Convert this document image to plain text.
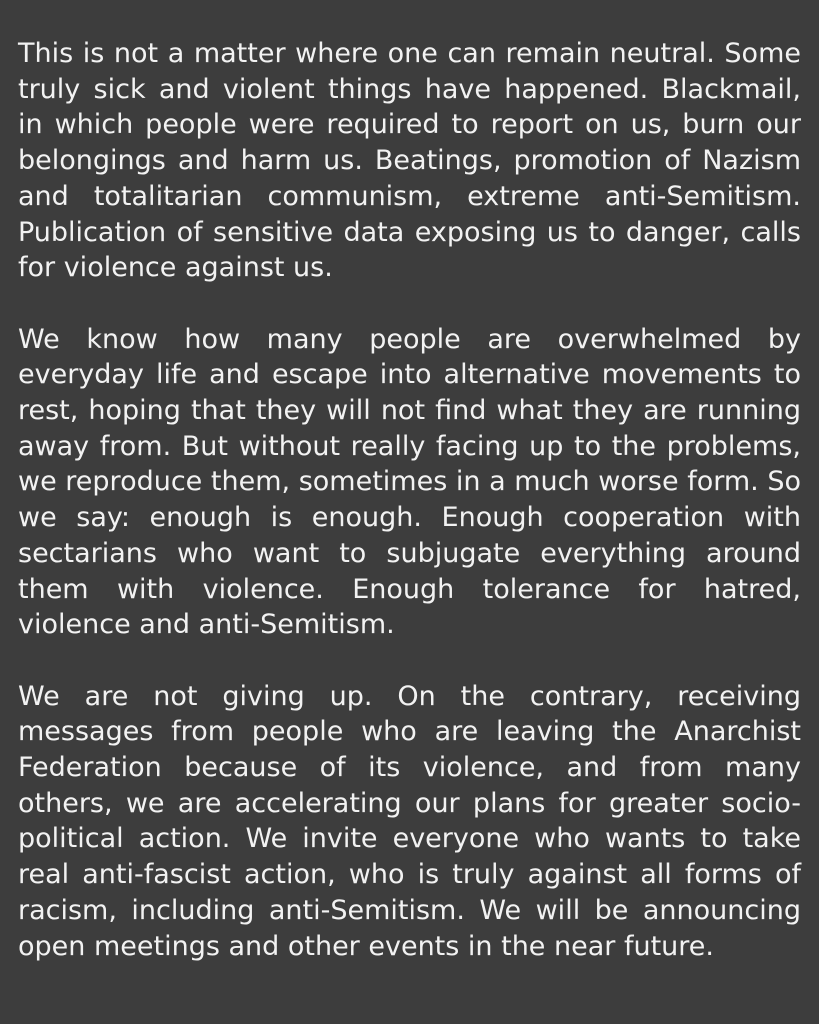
This is not a matter where one can remain neutral. Some truly sick and violent things have happened. Blackmail, in which people were required to report on us, burn our belongings and harm us. Beatings, promotion of Nazism and totalitarian communism, extreme anti-Semitism. Publication of sensitive data exposing us to danger, calls for violence against us.

We know how many people are overwhelmed by everyday life and escape into alternative movements to rest, hoping that they will not find what they are running away from. But without really facing up to the problems, we reproduce them, sometimes in a much worse form. So we say: enough is enough. Enough cooperation with sectarians who want to subjugate everything around them with violence. Enough tolerance for hatred, violence and anti-Semitism.

We are not giving up. On the contrary, receiving messages from people who are leaving the Anarchist Federation because of its violence, and from many others, we are accelerating our plans for greater socio-political action. We invite everyone who wants to take real anti-fascist action, who is truly against all forms of racism, including anti-Semitism. We will be announcing open meetings and other events in the near future.
